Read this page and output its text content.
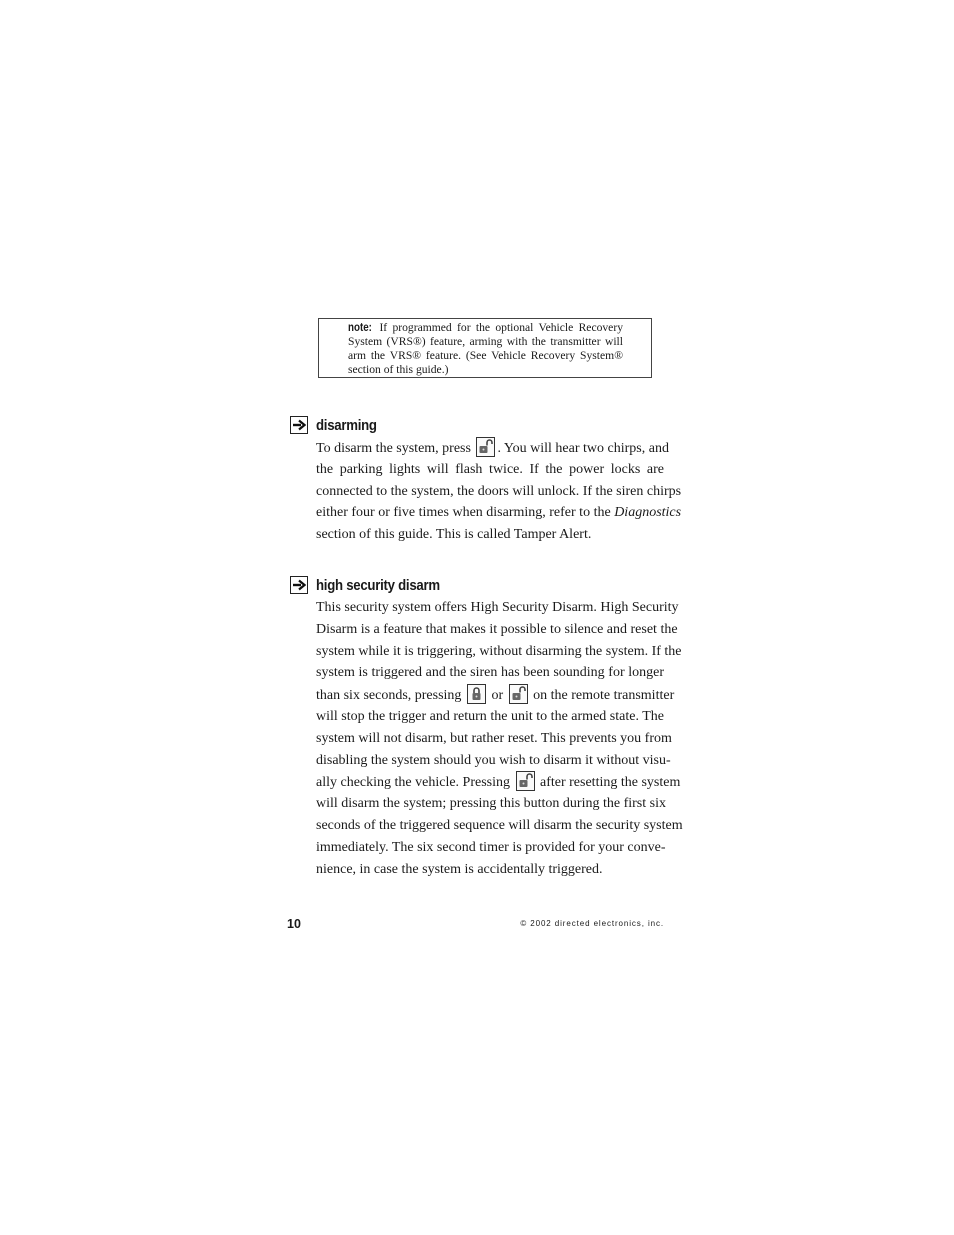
note: If programmed for the optional Vehicle Recovery System (VRS®) feature, arming with the transmitter will arm the VRS® feature. (See Vehicle Recovery System® section of this guide.)
disarming
To disarm the system, press . You will hear two chirps, and
the parking lights will flash twice. If the power locks are
connected to the system, the doors will unlock. If the siren chirps
either four or five times when disarming, refer to the Diagnostics
section of this guide. This is called Tamper Alert.
high security disarm
This security system offers High Security Disarm. High Security
Disarm is a feature that makes it possible to silence and reset the
system while it is triggering, without disarming the system. If the
system is triggered and the siren has been sounding for longer
than six seconds, pressing or on the remote transmitter
will stop the trigger and return the unit to the armed state. The
system will not disarm, but rather reset. This prevents you from
disabling the system should you wish to disarm it without visu-
ally checking the vehicle. Pressing after resetting the system
will disarm the system; pressing this button during the first six
seconds of the triggered sequence will disarm the security system
immediately. The six second timer is provided for your conve-
nience, in case the system is accidentally triggered.
10	© 2002 directed electronics, inc.
